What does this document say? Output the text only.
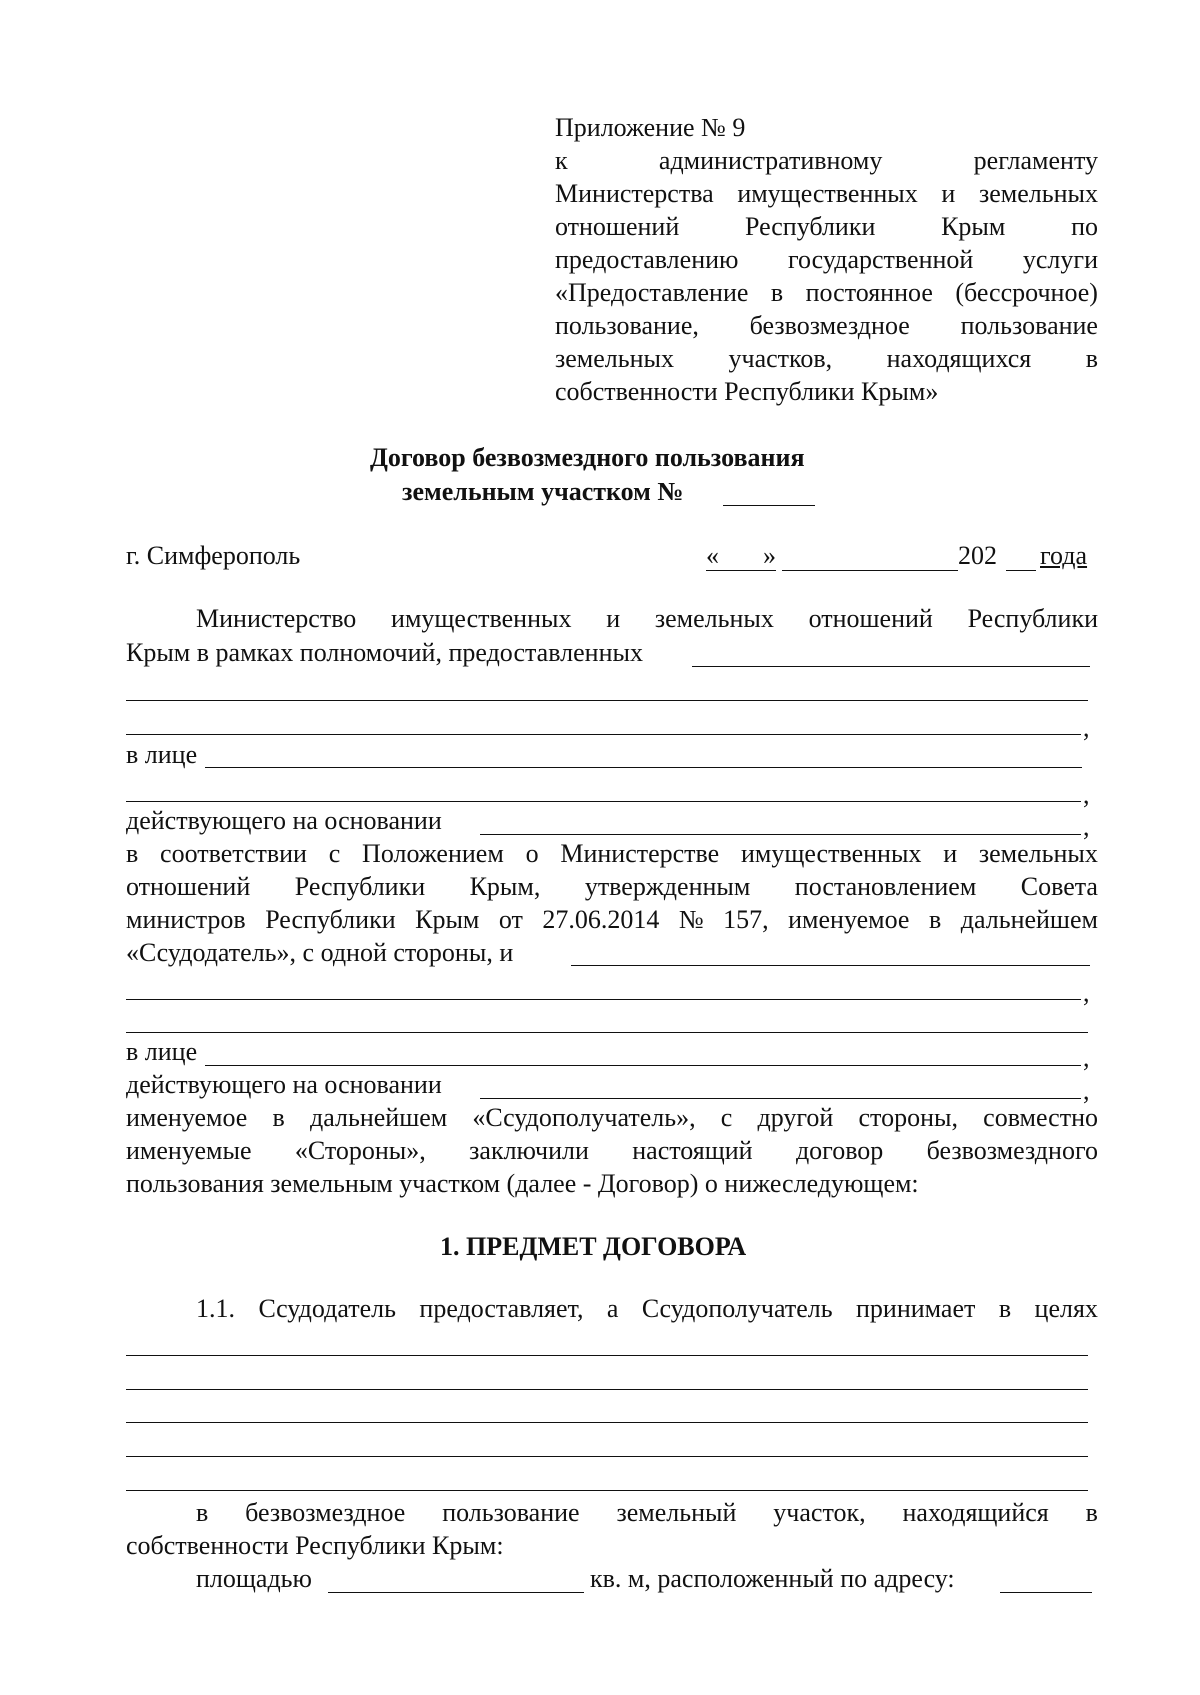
Приложение № 9
к	административному	регламенту
Министерства имущественных и земельных
отношений	Республики	Крым	по
предоставлению государственной услуги
«Предоставление в постоянное (бессрочное)
пользование, безвозмездное пользование
земельных участков, находящихся в
собственности Республики Крым»
Договор безвозмездного пользования
земельным участком №
г. Симферополь	« »	202 года
Министерство имущественных и земельных отношений Республики
Крым в рамках полномочий, предоставленных
,
в лице
,
действующего на основании	,
в соответствии с Положением о Министерстве имущественных и земельных
отношений Республики Крым, утвержденным постановлением Совета
министров Республики Крым от 27.06.2014 № 157, именуемое в дальнейшем
«Ссудодатель», с одной стороны, и
,
в лице	,
действующего на основании	,
именуемое в дальнейшем «Ссудополучатель», с другой стороны, совместно
именуемые «Стороны», заключили настоящий договор безвозмездного
пользования земельным участком (далее - Договор) о нижеследующем:
1. ПРЕДМЕТ ДОГОВОРА
1.1. Ссудодатель предоставляет, а Ссудополучатель принимает в целях
в безвозмездное пользование земельный участок, находящийся в
собственности Республики Крым:
площадью	кв. м, расположенный по адресу:
